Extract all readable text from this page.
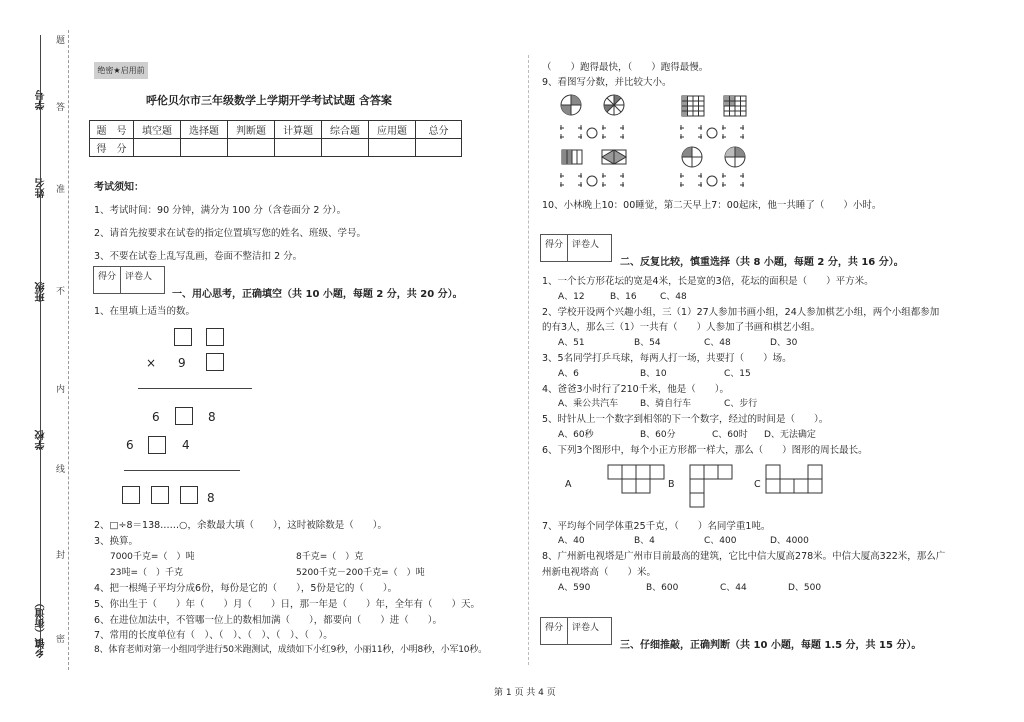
题
学号 答
姓名 准
班级 不
内
学校
线
封
乡镇（街道） 密
绝密★启用前
呼伦贝尔市三年级数学上学期开学考试试题 含答案
题　号	填空题	选择题	判断题	计算题	综合题	应用题	总分
得　分							
考试须知：
1、考试时间：90 分钟，满分为 100 分（含卷面分 2 分）。
2、请首先按要求在试卷的指定位置填写您的姓名、班级、学号。
3、不要在试卷上乱写乱画，卷面不整洁扣 2 分。
得分	评卷人
一、用心思考，正确填空（共 10 小题，每题 2 分，共 20 分）。
1、在里填上适当的数。
× 9
6	8
6	4
8
2、□÷8＝138……○，余数最大填（　　），这时被除数是（　　）。
3、换算。
7000千克=（　）吨	8千克=（　）克
23吨=（　）千克	5200千克－200千克=（　）吨
4、把一根绳子平均分成6份，每份是它的（　　），5份是它的（　　）。
5、你出生于（　　）年（　　）月（　　）日，那一年是（　　）年，全年有（　　）天。
6、在进位加法中，不管哪一位上的数相加满（　　），都要向（　　）进（　　）。
7、常用的长度单位有（　）、（　）、（　）、（　）、（　）。
8、体育老师对第一小组同学进行50米跑测试，成绩如下小红9秒，小丽11秒，小明8秒，小军10秒。
（　　）跑得最快，（　　）跑得最慢。
9、看图写分数，并比较大小。
10、小林晚上10：00睡觉，第二天早上7：00起床，他一共睡了（　　）小时。
得分	评卷人
二、反复比较，慎重选择（共 8 小题，每题 2 分，共 16 分）。
1、一个长方形花坛的宽是4米，长是宽的3倍，花坛的面积是（　　）平方米。
A、12	B、16	C、48
2、学校开设两个兴趣小组，三（1）27人参加书画小组，24人参加棋艺小组，两个小组都参加
的有3人，那么三（1）一共有（　　）人参加了书画和棋艺小组。
A、51	B、54	C、48	D、30
3、5名同学打乒乓球，每两人打一场，共要打（　　）场。
A、6	B、10	C、15
4、爸爸3小时行了210千米，他是（　　）。
A、乘公共汽车 B、骑自行车	C、步行
5、时针从上一个数字到相邻的下一个数字，经过的时间是（　　）。
A、60秒	B、60分	C、60时 D、无法确定
6、下列3个图形中，每个小正方形都一样大，那么（　　）图形的周长最长。
A	B	C
7、平均每个同学体重25千克，（　　）名同学重1吨。
A、40	B、4	C、400	D、4000
8、广州新电视塔是广州市目前最高的建筑，它比中信大厦高278米。中信大厦高322米，那么广
州新电视塔高（　　）米。
A、590	B、600	C、44	D、500
得分	评卷人
三、仔细推敲，正确判断（共 10 小题，每题 1.5 分，共 15 分）。
第 1 页 共 4 页
